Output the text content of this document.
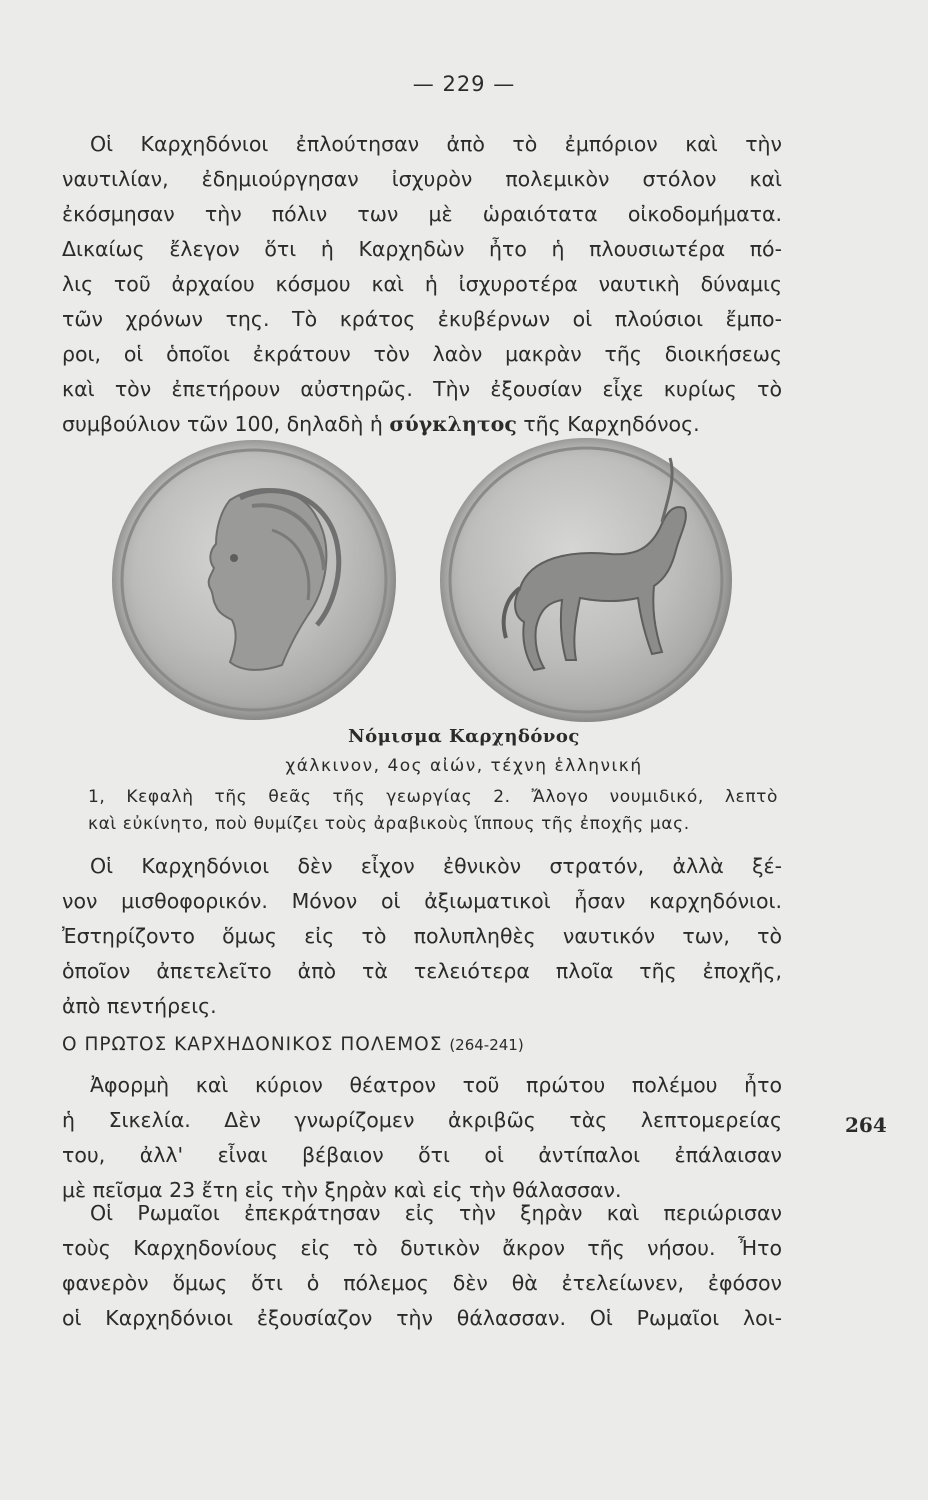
— 229 —
Οἱ Καρχηδόνιοι ἐπλούτησαν ἀπὸ τὸ ἐμπόριον καὶ τὴν
ναυτιλίαν, ἐδημιούργησαν ἰσχυρὸν πολεμικὸν στόλον καὶ
ἐκόσμησαν τὴν πόλιν των μὲ ὡραιότατα οἰκοδομήματα.
Δικαίως ἔλεγον ὅτι ἡ Καρχηδὼν ἦτο ἡ πλουσιωτέρα πό-
λις τοῦ ἀρχαίου κόσμου καὶ ἡ ἰσχυροτέρα ναυτικὴ δύναμις
τῶν χρόνων της. Τὸ κράτος ἐκυβέρνων οἱ πλούσιοι ἔμπο-
ροι, οἱ ὁποῖοι ἐκράτουν τὸν λαὸν μακρὰν τῆς διοικήσεως
καὶ τὸν ἐπετήρουν αὐστηρῶς. Τὴν ἐξουσίαν εἶχε κυρίως τὸ
συμβούλιον τῶν 100, δηλαδὴ ἡ σύγκλητος τῆς Καρχηδόνος.
Νόμισμα Καρχηδόνος
χάλκινον, 4ος αἰών, τέχνη ἑλληνική
1, Κεφαλὴ τῆς θεᾶς τῆς γεωργίας 2. Ἄλογο νουμιδικό, λεπτὸ
καὶ εὐκίνητο, ποὺ θυμίζει τοὺς ἀραβικοὺς ἵππους τῆς ἐποχῆς μας.
Οἱ Καρχηδόνιοι δὲν εἶχον ἐθνικὸν στρατόν, ἀλλὰ ξέ-
νον μισθοφορικόν. Μόνον οἱ ἀξιωματικοὶ ἦσαν καρχηδόνιοι.
Ἐστηρίζοντο ὅμως εἰς τὸ πολυπληθὲς ναυτικόν των, τὸ
ὁποῖον ἀπετελεῖτο ἀπὸ τὰ τελειότερα πλοῖα τῆς ἐποχῆς,
ἀπὸ πεντήρεις.
Ο ΠΡΩΤΟΣ ΚΑΡΧΗΔΟΝΙΚΟΣ ΠΟΛΕΜΟΣ (264-241)
264
Ἀφορμὴ καὶ κύριον θέατρον τοῦ πρώτου πολέμου ἦτο
ἡ Σικελία. Δὲν γνωρίζομεν ἀκριβῶς τὰς λεπτομερείας
του, ἀλλ' εἶναι βέβαιον ὅτι οἱ ἀντίπαλοι ἐπάλαισαν
μὲ πεῖσμα 23 ἔτη εἰς τὴν ξηρὰν καὶ εἰς τὴν θάλασσαν.
Οἱ Ρωμαῖοι ἐπεκράτησαν εἰς τὴν ξηρὰν καὶ περιώρισαν
τοὺς Καρχηδονίους εἰς τὸ δυτικὸν ἄκρον τῆς νήσου. Ἦτο
φανερὸν ὅμως ὅτι ὁ πόλεμος δὲν θὰ ἐτελείωνεν, ἐφόσον
οἱ Καρχηδόνιοι ἐξουσίαζον τὴν θάλασσαν. Οἱ Ρωμαῖοι λοι-
